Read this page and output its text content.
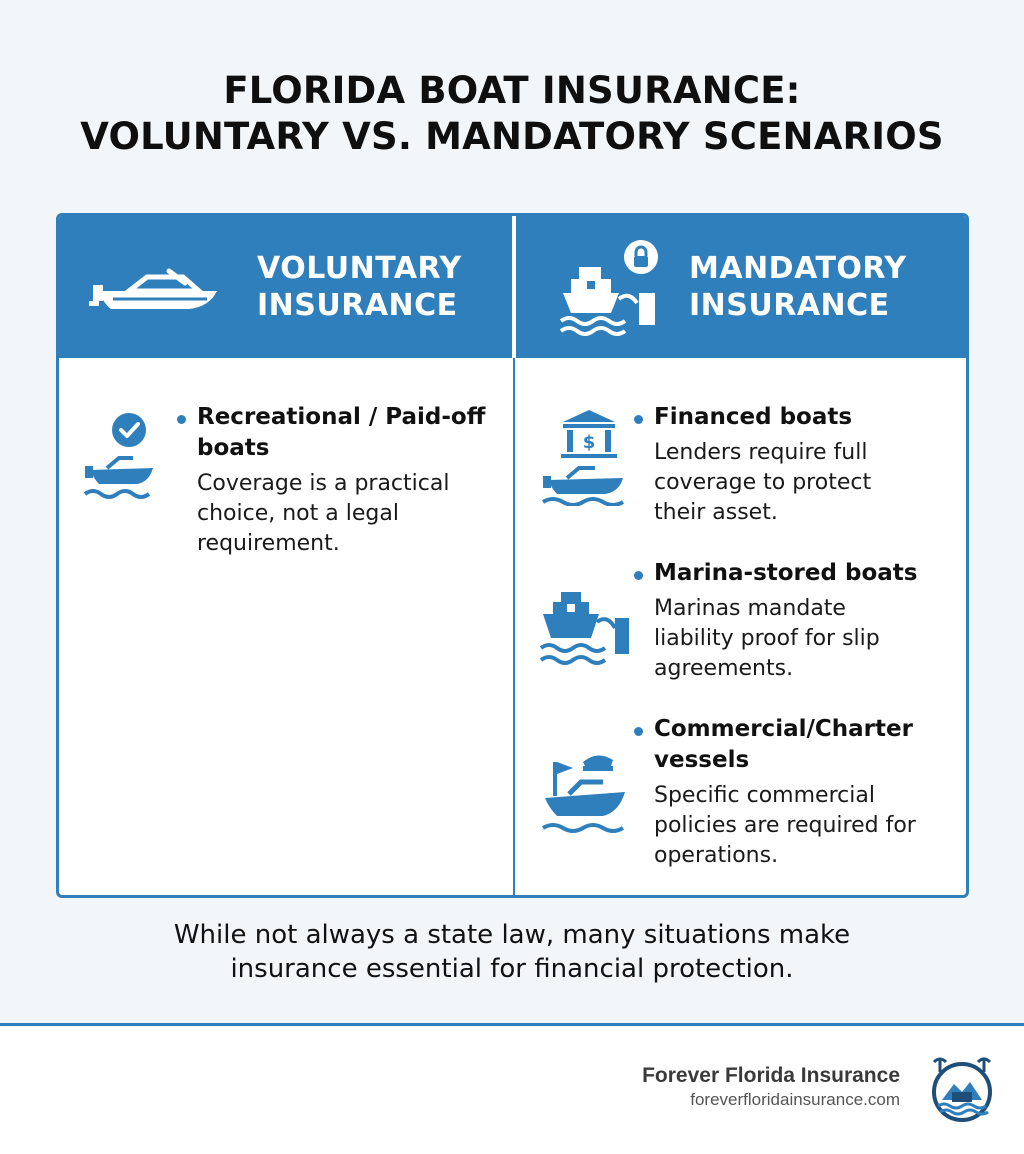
FLORIDA BOAT INSURANCE:
VOLUNTARY VS. MANDATORY SCENARIOS
VOLUNTARY
INSURANCE
MANDATORY
INSURANCE
Recreational / Paid-off
boats
Coverage is a practical
choice, not a legal
requirement.
$
Financed boats
Lenders require full
coverage to protect
their asset.
Marina-stored boats
Marinas mandate
liability proof for slip
agreements.
Commercial/Charter
vessels
Specific commercial
policies are required for
operations.
While not always a state law, many situations make
insurance essential for financial protection.
Forever Florida Insurance
foreverfloridainsurance.com
